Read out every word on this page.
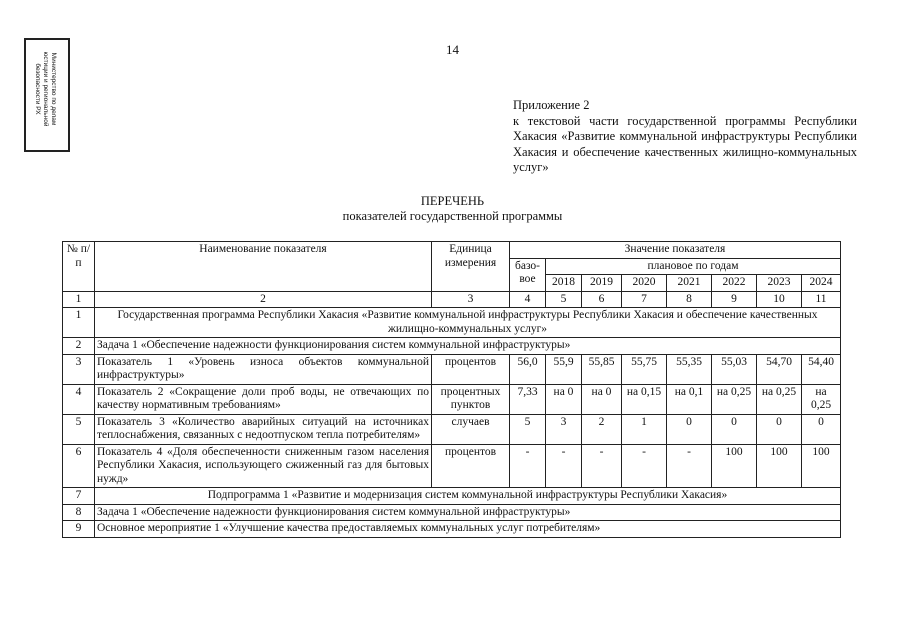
Министерство по делам юстиции и региональной безопасности РХ
14
Приложение 2
к текстовой части государственной программы Республики Хакасия «Развитие коммунальной инфраструктуры Республики Хакасия и обеспечение качественных жилищно-коммунальных услуг»
ПЕРЕЧЕНЬ
показателей государственной программы
№ п/п	Наименование показателя	Единица измерения	Значение показателя							
			базо-вое	плановое по годам						
				2018	2019	2020	2021	2022	2023	2024
1	2	3	4	5	6	7	8	9	10	11
1	Государственная программа Республики Хакасия «Развитие коммунальной инфраструктуры Республики Хакасия и обеспечение качественных жилищно-коммунальных услуг»									
2	Задача 1 «Обеспечение надежности функционирования систем коммунальной инфраструктуры»									
3	Показатель 1 «Уровень износа объектов коммунальной инфраструктуры»	процентов	56,0	55,9	55,85	55,75	55,35	55,03	54,70	54,40
4	Показатель 2 «Сокращение доли проб воды, не отвечающих по качеству нормативным требованиям»	процентных пунктов	7,33	на 0	на 0	на 0,15	на 0,1	на 0,25	на 0,25	на 0,25
5	Показатель 3 «Количество аварийных ситуаций на источниках теплоснабжения, связанных с недоотпуском тепла потребителям»	случаев	5	3	2	1	0	0	0	0
6	Показатель 4 «Доля обеспеченности сниженным газом населения Республики Хакасия, использующего сжиженный газ для бытовых нужд»	процентов	-	-	-	-	-	100	100	100
7	Подпрограмма 1 «Развитие и модернизация систем коммунальной инфраструктуры Республики Хакасия»									
8	Задача 1 «Обеспечение надежности функционирования систем коммунальной инфраструктуры»									
9	Основное мероприятие 1 «Улучшение качества предоставляемых коммунальных услуг потребителям»									
